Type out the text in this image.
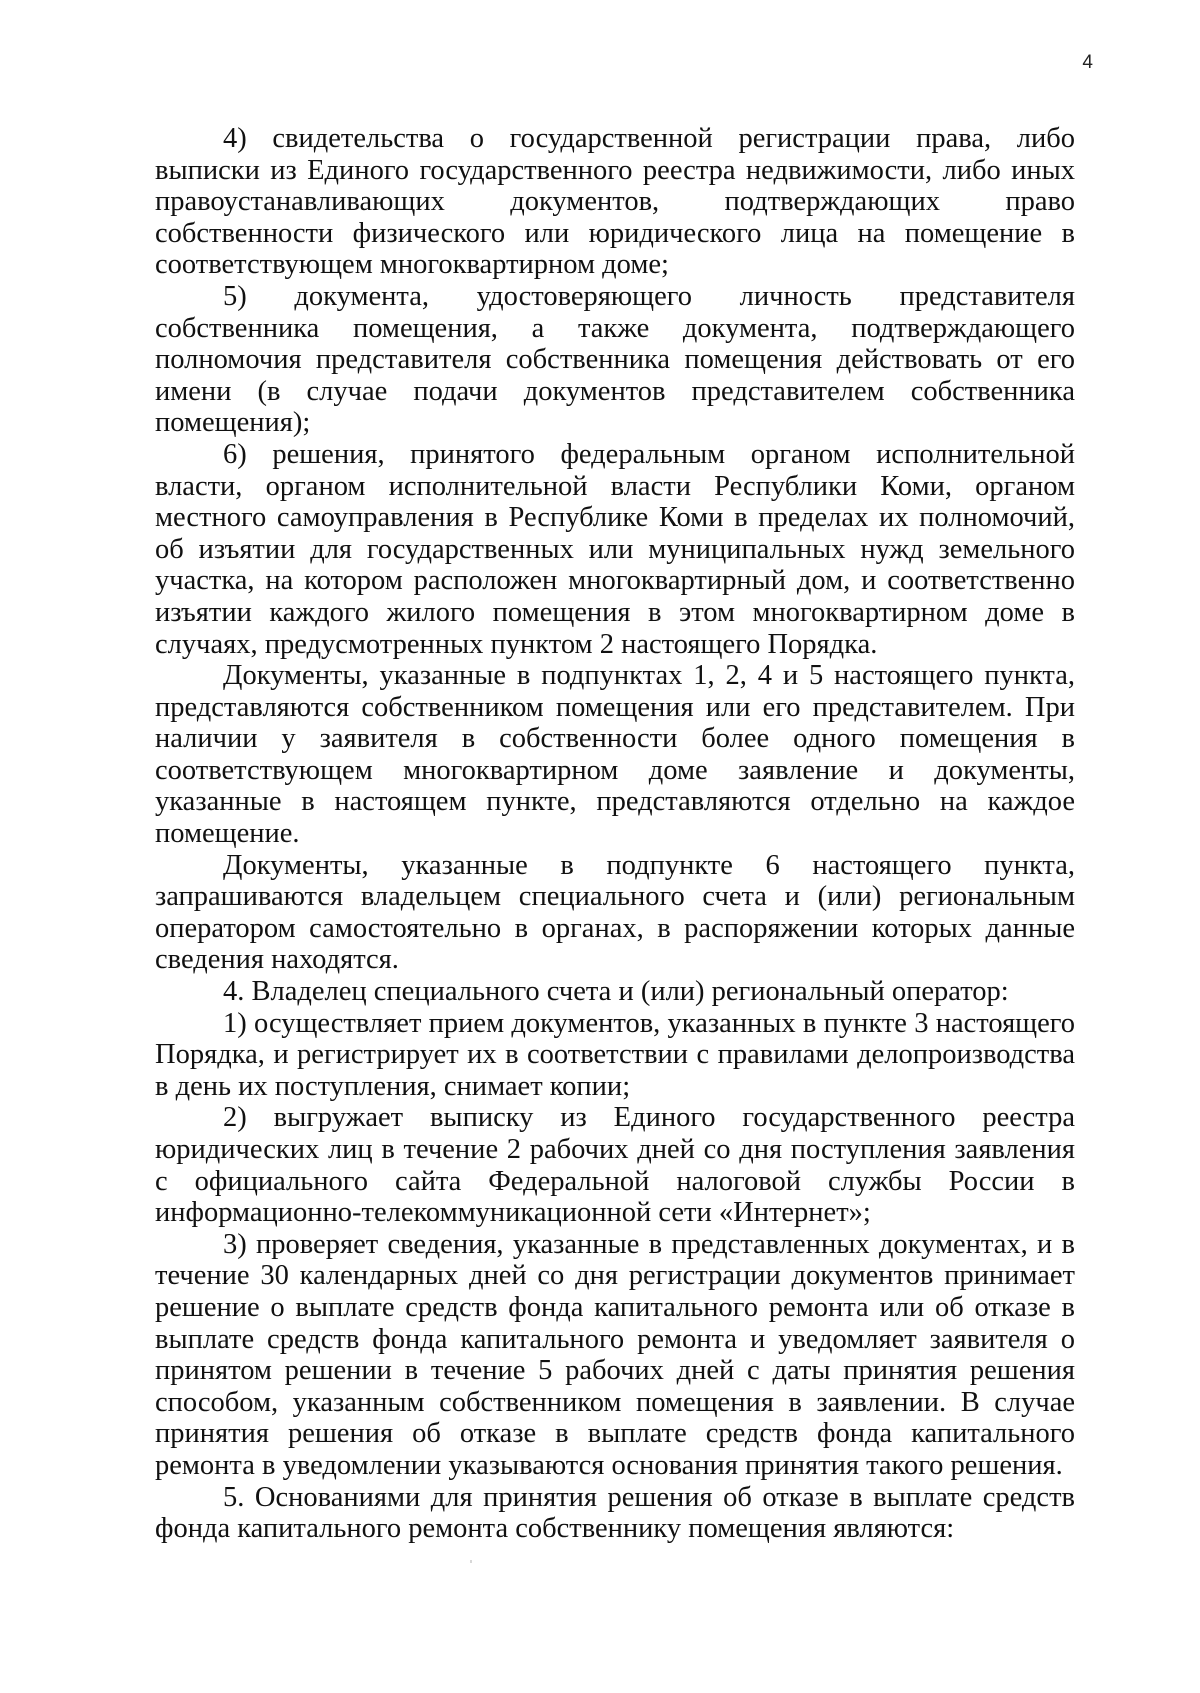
4

4) свидетельства о государственной регистрации права, либо выписки из Единого государственного реестра недвижимости, либо иных правоустанавливающих документов, подтверждающих право собственности физического или юридического лица на помещение в соответствующем многоквартирном доме;

5) документа, удостоверяющего личность представителя собственника помещения, а также документа, подтверждающего полномочия представителя собственника помещения действовать от его имени (в случае подачи документов представителем собственника помещения);

6) решения, принятого федеральным органом исполнительной власти, органом исполнительной власти Республики Коми, органом местного самоуправления в Республике Коми в пределах их полномочий, об изъятии для государственных или муниципальных нужд земельного участка, на котором расположен многоквартирный дом, и соответственно изъятии каждого жилого помещения в этом многоквартирном доме в случаях, предусмотренных пунктом 2 настоящего Порядка.

Документы, указанные в подпунктах 1, 2, 4 и 5 настоящего пункта, представляются собственником помещения или его представителем. При наличии у заявителя в собственности более одного помещения в соответствующем многоквартирном доме заявление и документы, указанные в настоящем пункте, представляются отдельно на каждое помещение.

Документы, указанные в подпункте 6 настоящего пункта, запрашиваются владельцем специального счета и (или) региональным оператором самостоятельно в органах, в распоряжении которых данные сведения находятся.

4. Владелец специального счета и (или) региональный оператор:

1) осуществляет прием документов, указанных в пункте 3 настоящего Порядка, и регистрирует их в соответствии с правилами делопроизводства в день их поступления, снимает копии;

2) выгружает выписку из Единого государственного реестра юридических лиц в течение 2 рабочих дней со дня поступления заявления с официального сайта Федеральной налоговой службы России в информационно-телекоммуникационной сети «Интернет»;

3) проверяет сведения, указанные в представленных документах, и в течение 30 календарных дней со дня регистрации документов принимает решение о выплате средств фонда капитального ремонта или об отказе в выплате средств фонда капитального ремонта и уведомляет заявителя о принятом решении в течение 5 рабочих дней с даты принятия решения способом, указанным собственником помещения в заявлении. В случае принятия решения об отказе в выплате средств фонда капитального ремонта в уведомлении указываются основания принятия такого решения.

5. Основаниями для принятия решения об отказе в выплате средств фонда капитального ремонта собственнику помещения являются:
